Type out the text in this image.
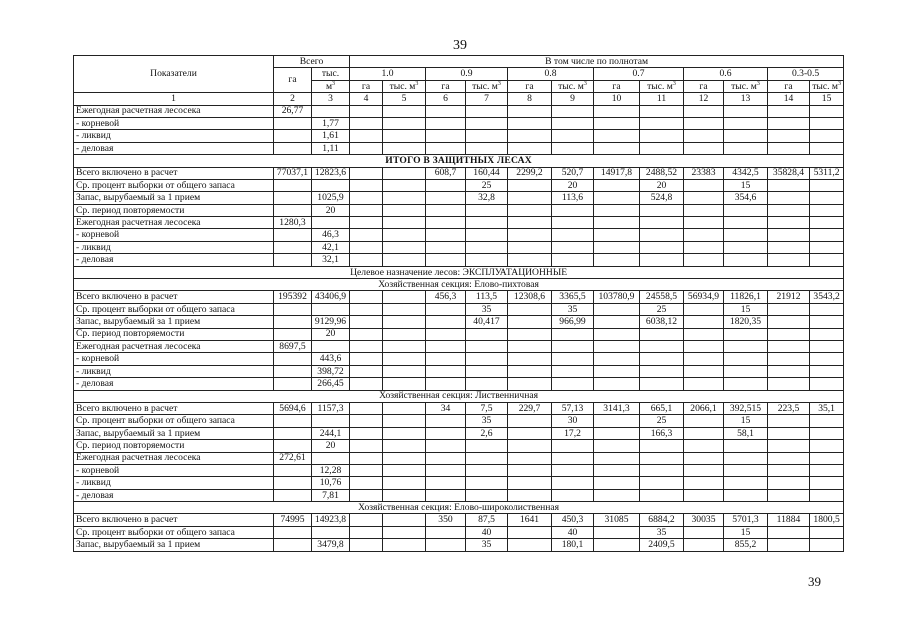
39
Показатели	Всего		В том числе по полнотам											
	га	тыс.	1.0		0.9		0.8		0.7		0.6		0.3-0.5	
		$м^3$	га	тыс. $м^3$	га	тыс. $м^3$	га	тыс. $м^3$	га	тыс. $м^3$	га	тыс. $м^3$	га	тыс. $м^3$
1	2	3	4	5	6	7	8	9	10	11	12	13	14	15
Ежегодная расчетная лесосека	26,77													
- корневой		1,77												
- ликвид		1,61												
- деловая		1,11												
ИТОГО В ЗАЩИТНЫХ ЛЕСАХ														
Всего включено в расчет	77037,1	12823,6			608,7	160,44	2299,2	520,7	14917,8	2488,52	23383	4342,5	35828,4	5311,2
Ср. процент выборки от общего запаса						25		20		20		15		
Запас, вырубаемый за 1 прием		1025,9				32,8		113,6		524,8		354,6		
Ср. период повторяемости		20												
Ежегодная расчетная лесосека	1280,3													
- корневой		46,3												
- ликвид		42,1												
- деловая		32,1												
Целевое назначение лесов: ЭКСПЛУАТАЦИОННЫЕ														
Хозяйственная секция: Елово-пихтовая														
Всего включено в расчет	195392	43406,9			456,3	113,5	12308,6	3365,5	103780,9	24558,5	56934,9	11826,1	21912	3543,2
Ср. процент выборки от общего запаса						35		35		25		15		
Запас, вырубаемый за 1 прием		9129,96				40,417		966,99		6038,12		1820,35		
Ср. период повторяемости		20												
Ежегодная расчетная лесосека	8697,5													
- корневой		443,6												
- ликвид		398,72												
- деловая		266,45												
Хозяйственная секция: Лиственничная														
Всего включено в расчет	5694,6	1157,3			34	7,5	229,7	57,13	3141,3	665,1	2066,1	392,515	223,5	35,1
Ср. процент выборки от общего запаса						35		30		25		15		
Запас, вырубаемый за 1 прием		244,1				2,6		17,2		166,3		58,1		
Ср. период повторяемости		20												
Ежегодная расчетная лесосека	272,61													
- корневой		12,28												
- ликвид		10,76												
- деловая		7,81												
Хозяйственная секция: Елово-широколиственная														
Всего включено в расчет	74995	14923,8			350	87,5	1641	450,3	31085	6884,2	30035	5701,3	11884	1800,5
Ср. процент выборки от общего запаса						40		40		35		15		
Запас, вырубаемый за 1 прием		3479,8				35		180,1		2409,5		855,2		
39
